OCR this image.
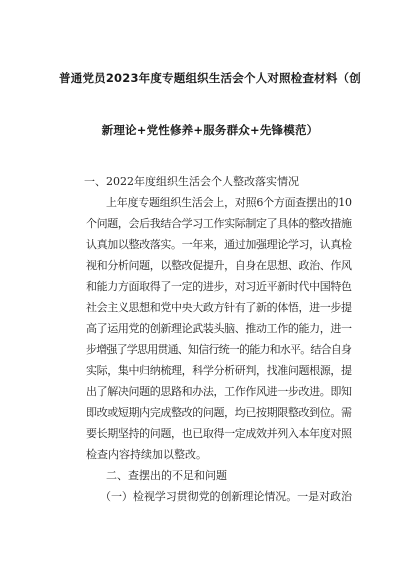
普通党员2023年度专题组织生活会个人对照检查材料（创
新理论+党性修养+服务群众+先锋模范）
一、2022年度组织生活会个人整改落实情况
上年度专题组织生活会上，对照6个方面查摆出的10
个问题，会后我结合学习工作实际制定了具体的整改措施
认真加以整改落实。一年来，通过加强理论学习，认真检
视和分析问题，以整改促提升，自身在思想、政治、作风
和能力方面取得了一定的进步，对习近平新时代中国特色
社会主义思想和党中央大政方针有了新的体悟，进一步提
高了运用党的创新理论武装头脑、推动工作的能力，进一
步增强了学思用贯通、知信行统一的能力和水平。结合自身
实际，集中归纳梳理，科学分析研判，找准问题根源，提
出了解决问题的思路和办法，工作作风进一步改进。即知
即改或短期内完成整改的问题，均已按期限整改到位。需
要长期坚持的问题，也已取得一定成效并列入本年度对照
检查内容持续加以整改。
二、查摆出的不足和问题
（一）检视学习贯彻党的创新理论情况。一是对政治
